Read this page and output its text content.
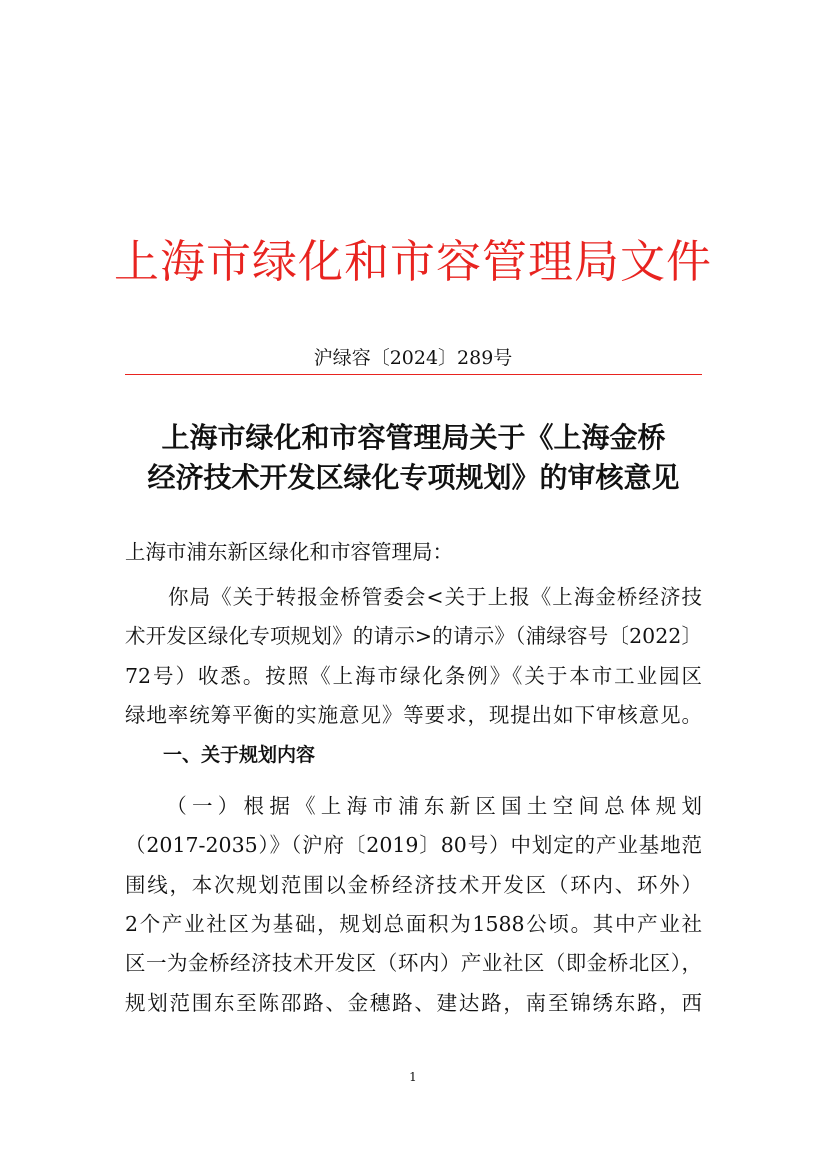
上海市绿化和市容管理局文件
沪绿容〔2024〕289号
上海市绿化和市容管理局关于《上海金桥
经济技术开发区绿化专项规划》的审核意见
上海市浦东新区绿化和市容管理局：
　　你局《关于转报金桥管委会<关于上报《上海金桥经济技
术开发区绿化专项规划》的请示>的请示》（浦绿容号〔2022〕
72号）收悉。按照《上海市绿化条例》《关于本市工业园区
绿地率统筹平衡的实施意见》等要求，现提出如下审核意见。
　　一、关于规划内容
　　（一）根据《上海市浦东新区国土空间总体规划
（2017-2035）》（沪府〔2019〕80号）中划定的产业基地范
围线，本次规划范围以金桥经济技术开发区（环内、环外）
2个产业社区为基础，规划总面积为1588公顷。其中产业社
区一为金桥经济技术开发区（环内）产业社区（即金桥北区），
规划范围东至陈邵路、金穗路、建达路，南至锦绣东路，西
1
